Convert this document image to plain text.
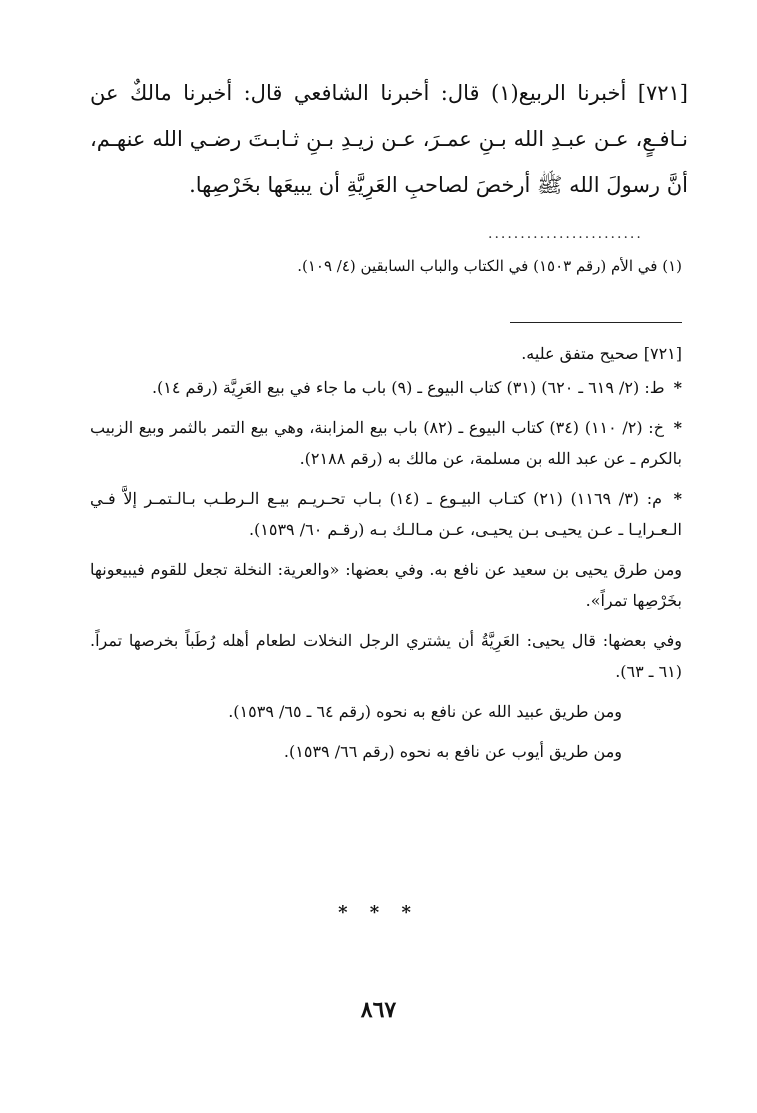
[٧٢١] أخبرنا الربيع(١) قال: أخبرنا الشافعي قال: أخبرنا مالكٌ عن نـافـعٍ، عـن عبـدِ الله بـنِ عمـرَ، عـن زيـدِ بـنِ ثـابـتَ رضـي الله عنهـم، أنَّ رسولَ الله ﷺ أرخصَ لصاحبِ العَرِيَّةِ أن يبيعَها بخَرْصِها.

........................
(١) في الأم (رقم ١٥٠٣) في الكتاب والباب السابقين (٤/ ١٠٩).

[٧٢١] صحيح متفق عليه.

* ط: (٢/ ٦١٩ ـ ٦٢٠) (٣١) كتاب البيوع ـ (٩) باب ما جاء في بيع العَرِيَّة (رقم ١٤).

* خ: (٢/ ١١٠) (٣٤) كتاب البيوع ـ (٨٢) باب بيع المزابنة، وهي بيع التمر بالثمر وبيع الزبيب بالكرم ـ عن عبد الله بن مسلمة، عن مالك به (رقم ٢١٨٨).

* م: (٣/ ١١٦٩) (٢١) كتـاب البيـوع ـ (١٤) بـاب تحـريـم بيـع الـرطـب بـالـتمـر إلاَّ فـي الـعـرايـا ـ عـن يحيـى بـن يحيـى، عـن مـالـك بـه (رقـم ٦٠/ ١٥٣٩).

ومن طرق يحيى بن سعيد عن نافع به. وفي بعضها: «والعرية: النخلة تجعل للقوم فيبيعونها بخَرْصِها تمراً».

وفي بعضها: قال يحيى: العَرِيَّةُ أن يشتري الرجل النخلات لطعام أهله رُطَباً بخرصها تمراً. (٦١ ـ ٦٣).

ومن طريق عبيد الله عن نافع به نحوه (رقم ٦٤ ـ ٦٥/ ١٥٣٩).

ومن طريق أيوب عن نافع به نحوه (رقم ٦٦/ ١٥٣٩).

* * *
٨٦٧
